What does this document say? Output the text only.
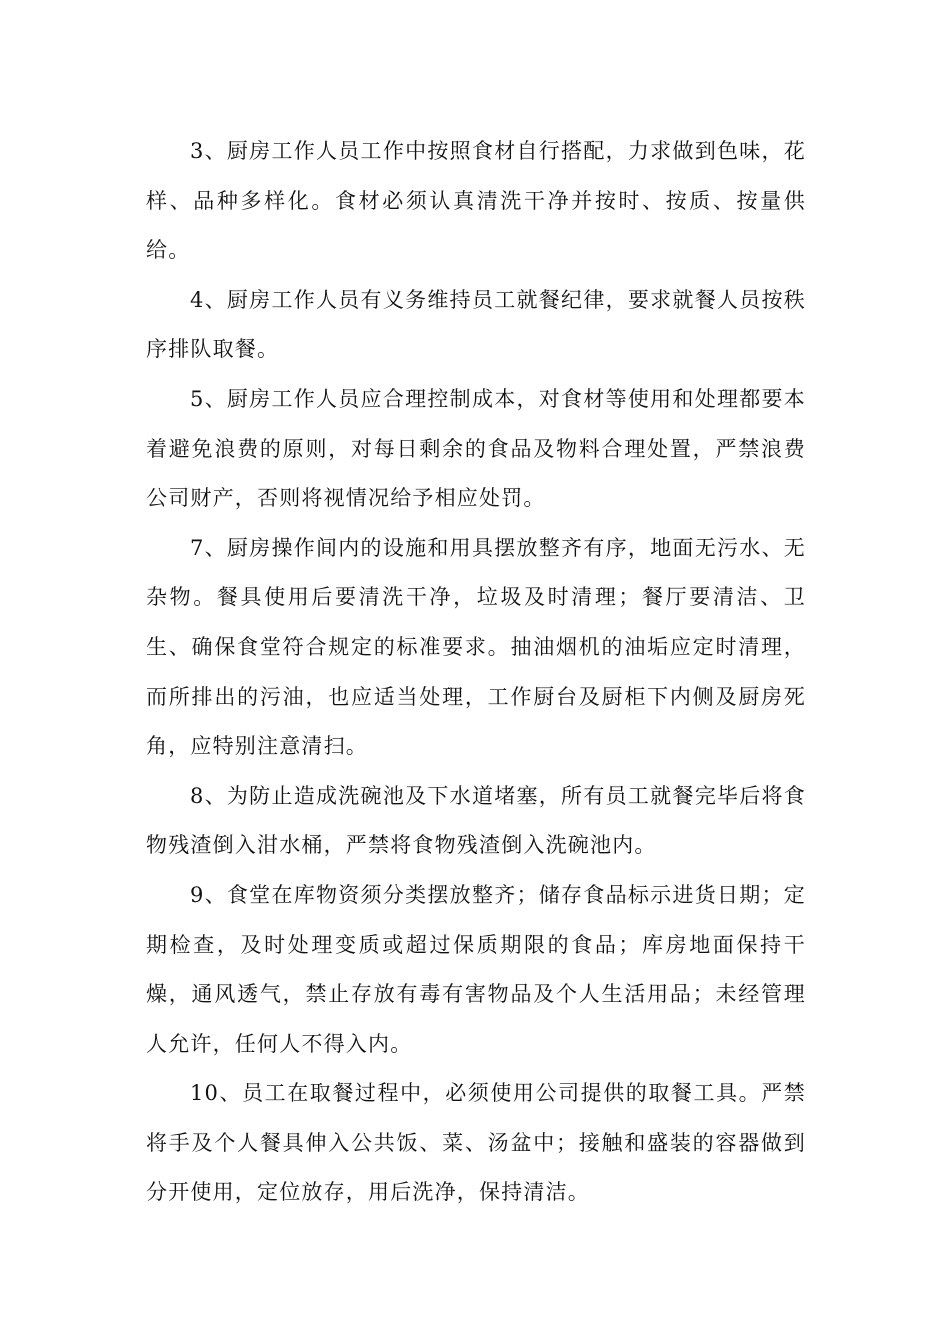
3、厨房工作人员工作中按照食材自行搭配，力求做到色味，花样、品种多样化。食材必须认真清洗干净并按时、按质、按量供给。

4、厨房工作人员有义务维持员工就餐纪律，要求就餐人员按秩序排队取餐。

5、厨房工作人员应合理控制成本，对食材等使用和处理都要本着避免浪费的原则，对每日剩余的食品及物料合理处置，严禁浪费公司财产，否则将视情况给予相应处罚。

7、厨房操作间内的设施和用具摆放整齐有序，地面无污水、无杂物。餐具使用后要清洗干净，垃圾及时清理；餐厅要清洁、卫生、确保食堂符合规定的标准要求。抽油烟机的油垢应定时清理，而所排出的污油，也应适当处理，工作厨台及厨柜下内侧及厨房死角，应特别注意清扫。

8、为防止造成洗碗池及下水道堵塞，所有员工就餐完毕后将食物残渣倒入泔水桶，严禁将食物残渣倒入洗碗池内。

9、食堂在库物资须分类摆放整齐；储存食品标示进货日期；定期检查，及时处理变质或超过保质期限的食品；库房地面保持干燥，通风透气，禁止存放有毒有害物品及个人生活用品；未经管理人允许，任何人不得入内。

10、员工在取餐过程中，必须使用公司提供的取餐工具。严禁将手及个人餐具伸入公共饭、菜、汤盆中；接触和盛装的容器做到分开使用，定位放存，用后洗净，保持清洁。
